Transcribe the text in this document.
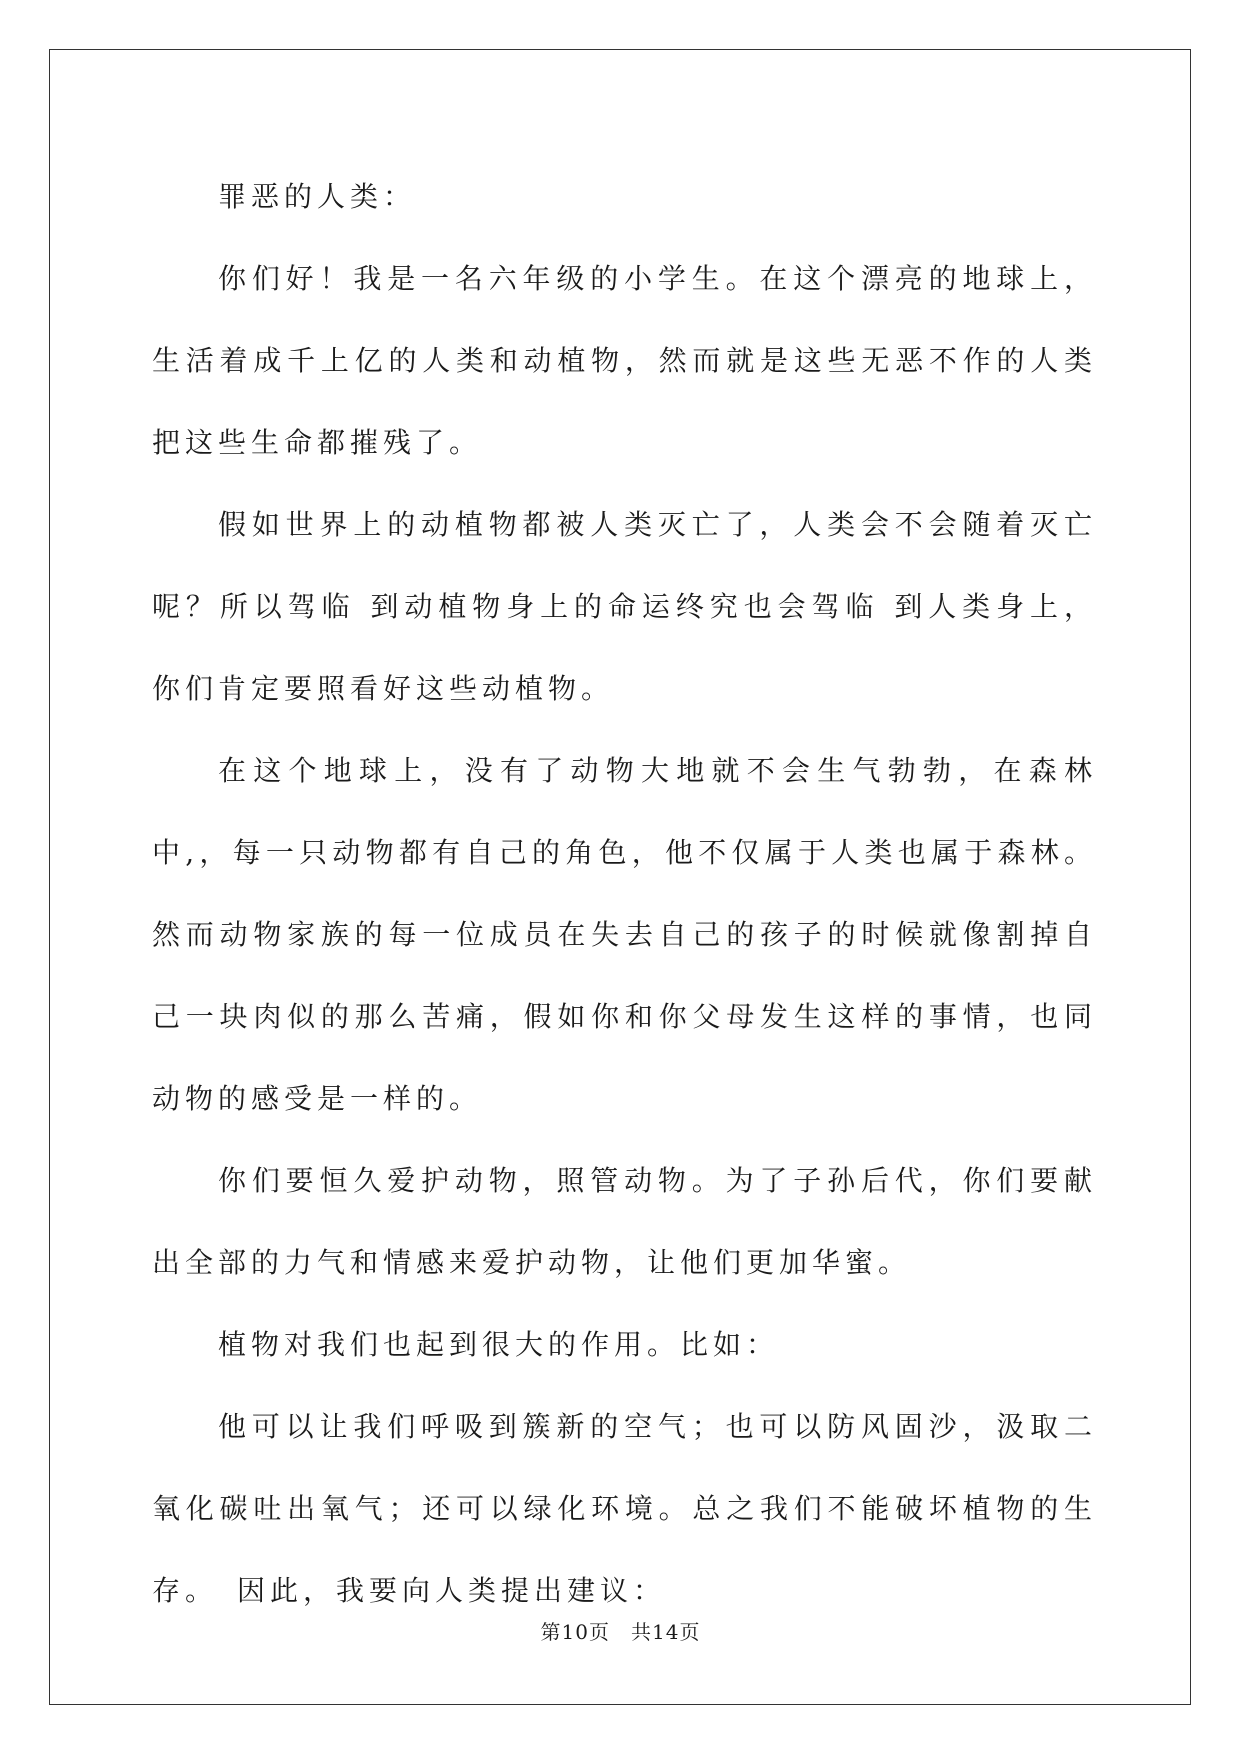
罪恶的人类：

你们好！我是一名六年级的小学生。在这个漂亮的地球上，生活着成千上亿的人类和动植物，然而就是这些无恶不作的人类把这些生命都摧残了。

假如世界上的动植物都被人类灭亡了，人类会不会随着灭亡呢？所以驾临 到动植物身上的命运终究也会驾临 到人类身上，你们肯定要照看好这些动植物。

在这个地球上，没有了动物大地就不会生气勃勃，在森林中,，每一只动物都有自己的角色，他不仅属于人类也属于森林。然而动物家族的每一位成员在失去自己的孩子的时候就像割掉自己一块肉似的那么苦痛，假如你和你父母发生这样的事情，也同动物的感受是一样的。

你们要恒久爱护动物，照管动物。为了子孙后代，你们要献出全部的力气和情感来爱护动物，让他们更加华蜜。

植物对我们也起到很大的作用。比如：

他可以让我们呼吸到簇新的空气；也可以防风固沙，汲取二氧化碳吐出氧气；还可以绿化环境。总之我们不能破坏植物的生存。　因此，我要向人类提出建议：

第10页　共14页
